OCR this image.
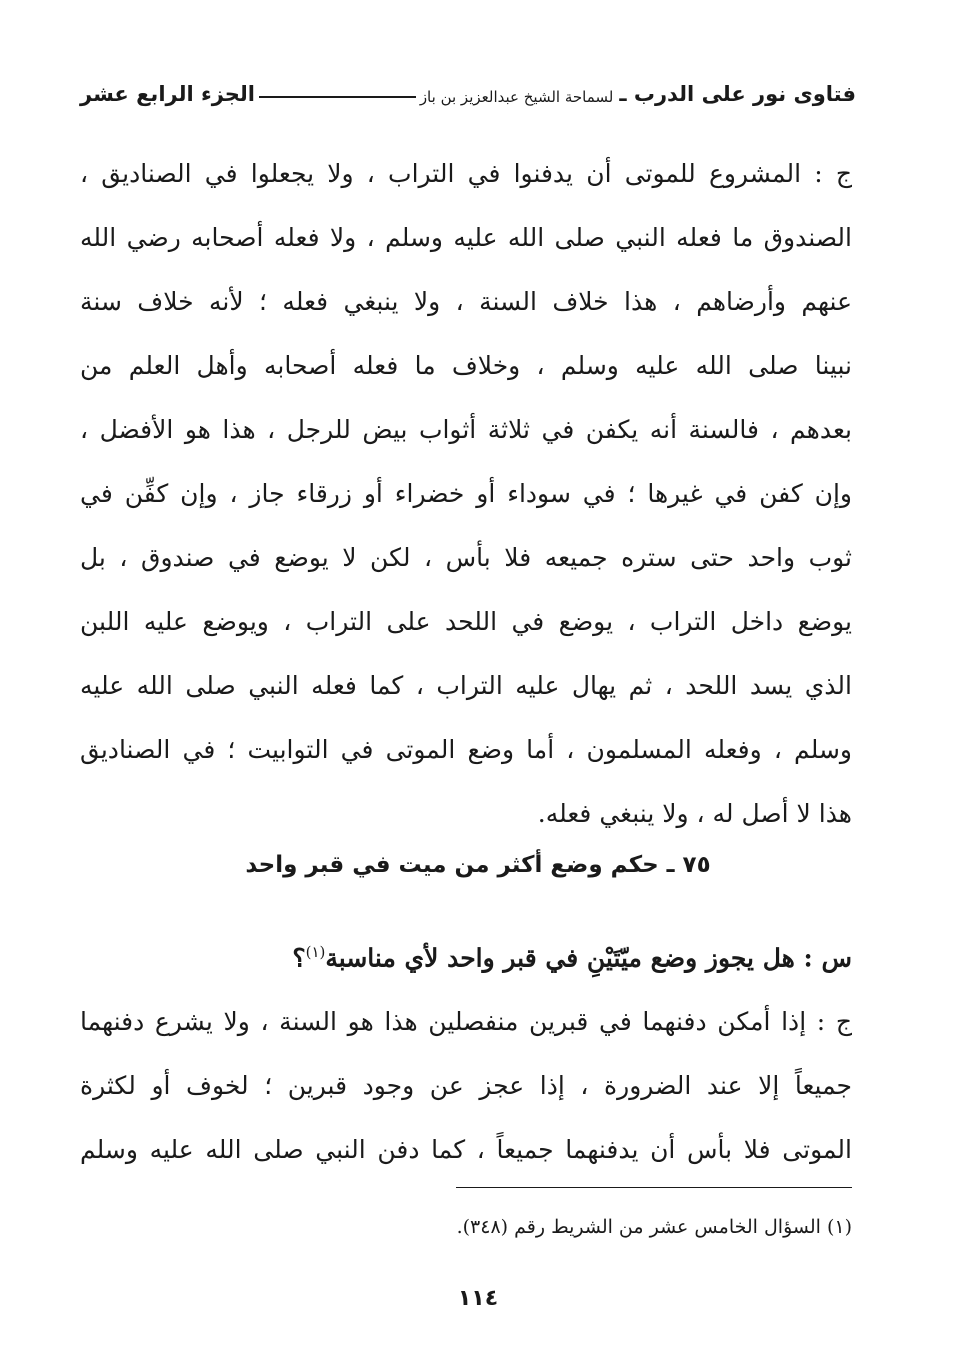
فتاوى نور على الدرب ـ
لسماحة الشيخ عبدالعزيز بن باز
الجزء الرابع عشر
ج : المشروع للموتى أن يدفنوا في التراب ، ولا يجعلوا في الصناديق ،
الصندوق ما فعله النبي صلى الله عليه وسلم ، ولا فعله أصحابه رضي الله
عنهم وأرضاهم ، هذا خلاف السنة ، ولا ينبغي فعله ؛ لأنه خلاف سنة
نبينا صلى الله عليه وسلم ، وخلاف ما فعله أصحابه وأهل العلم من
بعدهم ، فالسنة أنه يكفن في ثلاثة أثواب بيض للرجل ، هذا هو الأفضل ،
وإن كفن في غيرها ؛ في سوداء أو خضراء أو زرقاء جاز ، وإن كفِّن في
ثوب واحد حتى ستره جميعه فلا بأس ، لكن لا يوضع في صندوق ، بل
يوضع داخل التراب ، يوضع في اللحد على التراب ، ويوضع عليه اللبن
الذي يسد اللحد ، ثم يهال عليه التراب ، كما فعله النبي صلى الله عليه
وسلم ، وفعله المسلمون ، أما وضع الموتى في التوابيت ؛ في الصناديق
هذا لا أصل له ، ولا ينبغي فعله.
٧٥ ـ حكم وضع أكثر من ميت في قبر واحد
س : هل يجوز وضع ميّتَيْنِ في قبر واحد لأي مناسبة$^{(١)}$؟
ج : إذا أمكن دفنهما في قبرين منفصلين هذا هو السنة ، ولا يشرع دفنهما
جميعاً إلا عند الضرورة ، إذا عجز عن وجود قبرين ؛ لخوف أو لكثرة
الموتى فلا بأس أن يدفنهما جميعاً ، كما دفن النبي صلى الله عليه وسلم
(١) السؤال الخامس عشر من الشريط رقم (٣٤٨).
١١٤
